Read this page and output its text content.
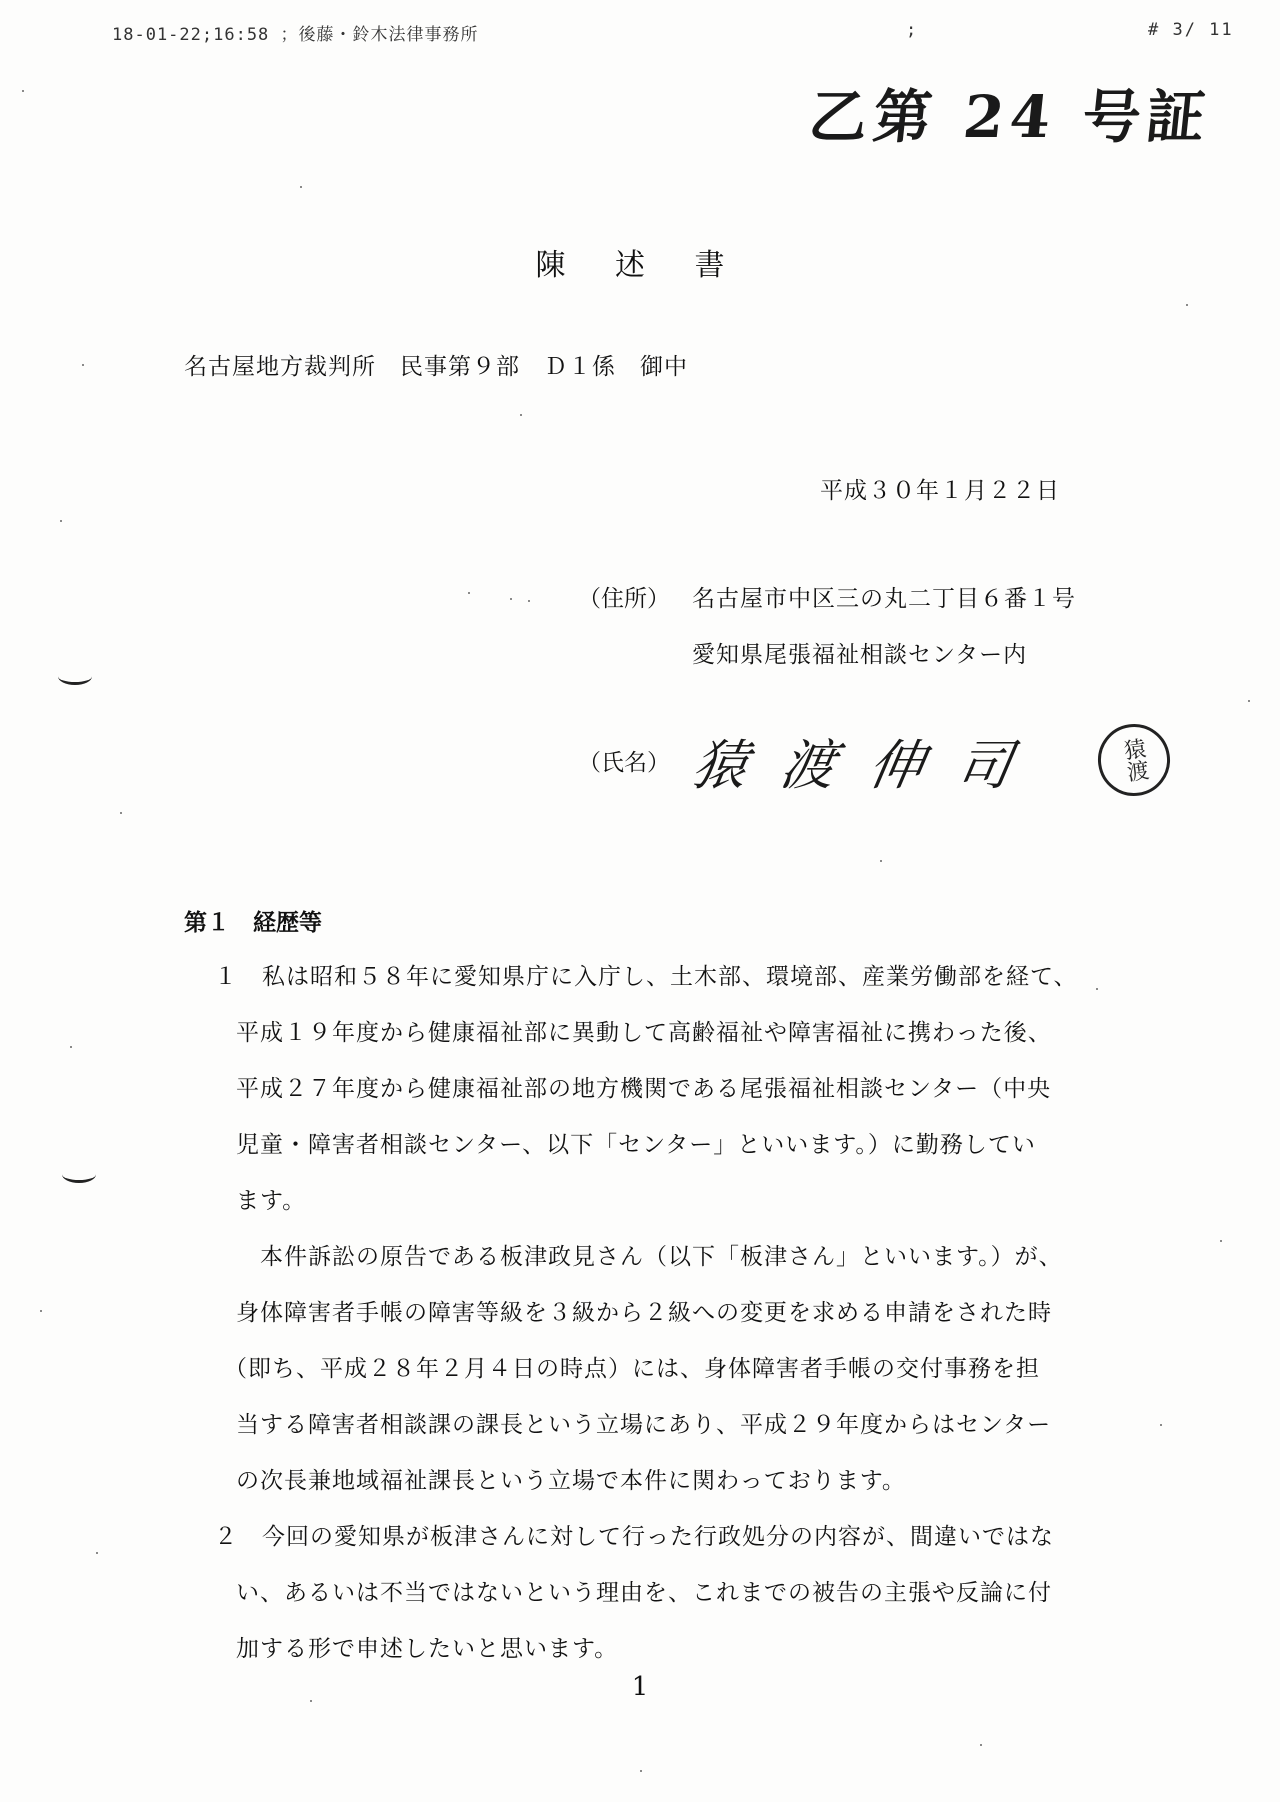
18-01-22;16:58 ；後藤・鈴木法律事務所	;	# 3/ 11
乙第 24 号証
陳 述 書
名古屋地方裁判所　民事第９部　Ｄ１係　御中
平成３０年１月２２日
（住所） 名古屋市中区三の丸二丁目６番１号
愛知県尾張福祉相談センター内
（氏名） 猿渡伸司	猿渡
第１　経歴等
１ 私は昭和５８年に愛知県庁に入庁し、土木部、環境部、産業労働部を経て、
平成１９年度から健康福祉部に異動して高齢福祉や障害福祉に携わった後、
平成２７年度から健康福祉部の地方機関である尾張福祉相談センター（中央
児童・障害者相談センター、以下「センター」といいます。）に勤務してい
ます。
　本件訴訟の原告である板津政見さん（以下「板津さん」といいます。）が、
身体障害者手帳の障害等級を３級から２級への変更を求める申請をされた時
（即ち、平成２８年２月４日の時点）には、身体障害者手帳の交付事務を担
当する障害者相談課の課長という立場にあり、平成２９年度からはセンター
の次長兼地域福祉課長という立場で本件に関わっております。
２ 今回の愛知県が板津さんに対して行った行政処分の内容が、間違いではな
い、あるいは不当ではないという理由を、これまでの被告の主張や反論に付
加する形で申述したいと思います。
1
